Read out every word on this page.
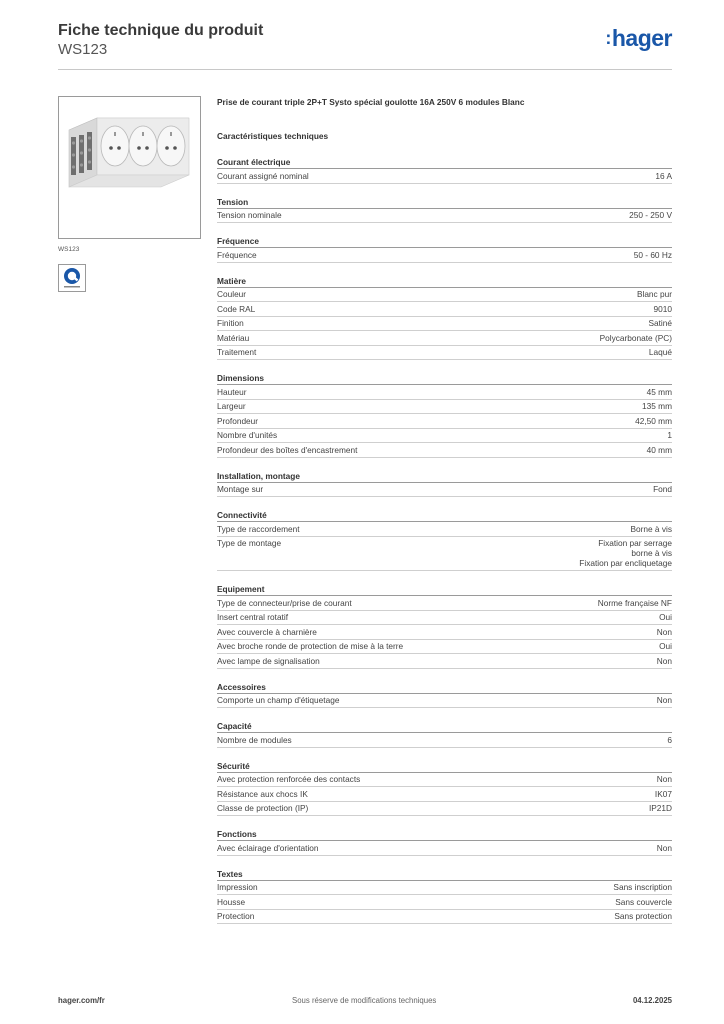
Fiche technique du produit
WS123
:hager
WS123
Prise de courant triple 2P+T Systo spécial goulotte 16A 250V 6 modules Blanc
Caractéristiques techniques
Courant électrique
Courant assigné nominal	16 A
Tension
Tension nominale	250 - 250 V
Fréquence
Fréquence	50 - 60 Hz
Matière
Couleur	Blanc pur
Code RAL	9010
Finition	Satiné
Matériau	Polycarbonate (PC)
Traitement	Laqué
Dimensions
Hauteur	45 mm
Largeur	135 mm
Profondeur	42,50 mm
Nombre d'unités	1
Profondeur des boîtes d'encastrement	40 mm
Installation, montage
Montage sur	Fond
Connectivité
Type de raccordement	Borne à vis
Type de montage	Fixation par serrage
borne à vis
Fixation par encliquetage
Equipement
Type de connecteur/prise de courant	Norme française NF
Insert central rotatif	Oui
Avec couvercle à charnière	Non
Avec broche ronde de protection de mise à la terre	Oui
Avec lampe de signalisation	Non
Accessoires
Comporte un champ d'étiquetage	Non
Capacité
Nombre de modules	6
Sécurité
Avec protection renforcée des contacts	Non
Résistance aux chocs IK	IK07
Classe de protection (IP)	IP21D
Fonctions
Avec éclairage d'orientation	Non
Textes
Impression	Sans inscription
Housse	Sans couvercle
Protection	Sans protection
hager.com/fr	Sous réserve de modifications techniques	04.12.2025
